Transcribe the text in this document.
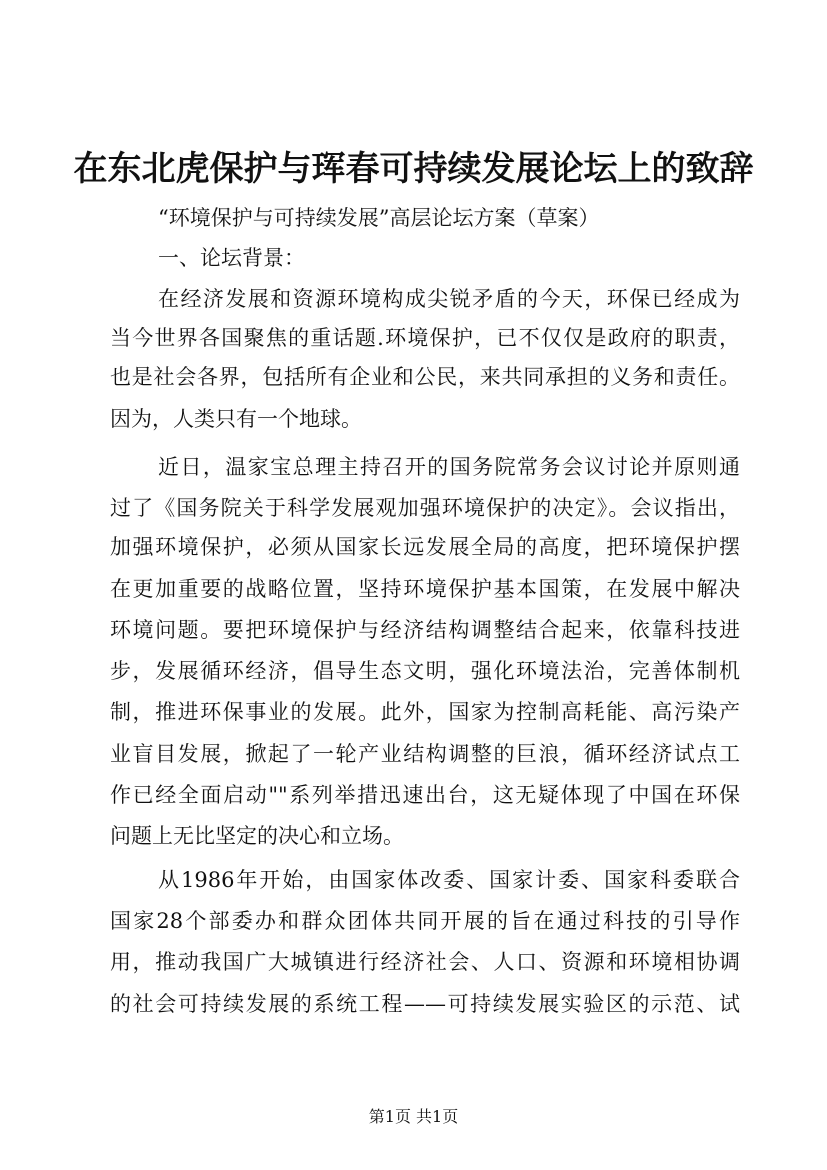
在东北虎保护与珲春可持续发展论坛上的致辞
“环境保护与可持续发展”高层论坛方案（草案）
一、论坛背景：
在经济发展和资源环境构成尖锐矛盾的今天，环保已经成为
当今世界各国聚焦的重话题.环境保护，已不仅仅是政府的职责，
也是社会各界，包括所有企业和公民，来共同承担的义务和责任。
因为，人类只有一个地球。
近日，温家宝总理主持召开的国务院常务会议讨论并原则通
过了《国务院关于科学发展观加强环境保护的决定》。会议指出，
加强环境保护，必须从国家长远发展全局的高度，把环境保护摆
在更加重要的战略位置，坚持环境保护基本国策，在发展中解决
环境问题。要把环境保护与经济结构调整结合起来，依靠科技进
步，发展循环经济，倡导生态文明，强化环境法治，完善体制机
制，推进环保事业的发展。此外，国家为控制高耗能、高污染产
业盲目发展，掀起了一轮产业结构调整的巨浪，循环经济试点工
作已经全面启动""系列举措迅速出台，这无疑体现了中国在环保
问题上无比坚定的决心和立场。
从1986年开始，由国家体改委、国家计委、国家科委联合
国家28个部委办和群众团体共同开展的旨在通过科技的引导作
用，推动我国广大城镇进行经济社会、人口、资源和环境相协调
的社会可持续发展的系统工程——可持续发展实验区的示范、试
第1页 共1页
